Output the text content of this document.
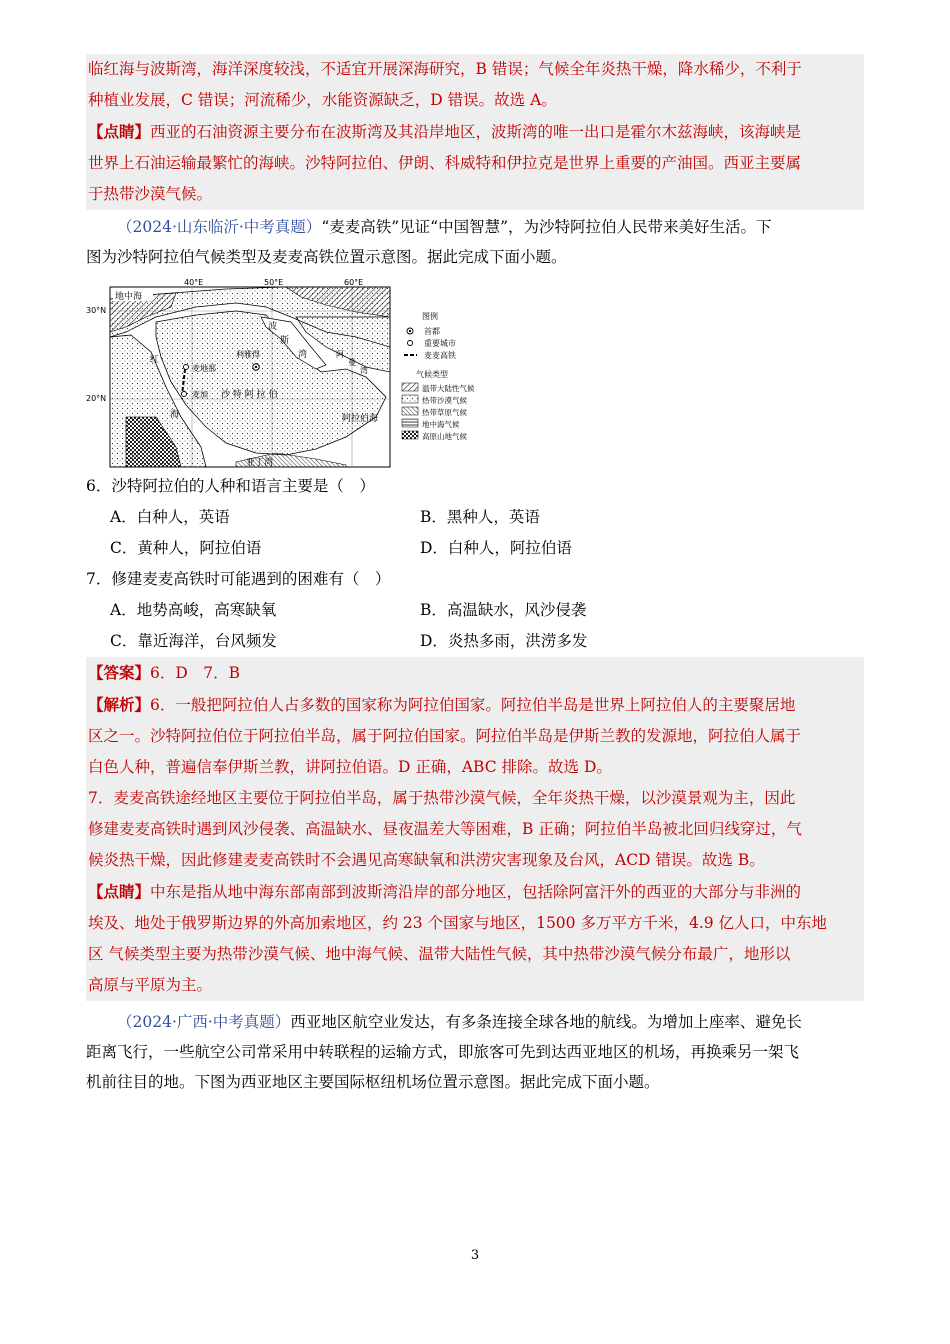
临红海与波斯湾，海洋深度较浅，不适宜开展深海研究，B 错误；气候全年炎热干燥，降水稀少，不利于

种植业发展，C 错误；河流稀少，水能资源缺乏，D 错误。故选 A。

【点睛】西亚的石油资源主要分布在波斯湾及其沿岸地区，波斯湾的唯一出口是霍尔木兹海峡，该海峡是

世界上石油运输最繁忙的海峡。沙特阿拉伯、伊朗、科威特和伊拉克是世界上重要的产油国。西亚主要属

于热带沙漠气候。

（2024·山东临沂·中考真题）“麦麦高铁”见证“中国智慧”，为沙特阿拉伯人民带来美好生活。下

图为沙特阿拉伯气候类型及麦麦高铁位置示意图。据此完成下面小题。

40°E	50°E	60°E
30°N
20°N
地中海
波
斯
湾
红
利雅得
麦地那
麦加 沙 特 阿 拉 伯
阿
曼
湾
海	阿拉伯海
亚丁湾
图例
首都
重要城市
麦麦高铁
气候类型
温带大陆性气候
热带沙漠气候
热带草原气候
地中海气候
高原山地气候

6．沙特阿拉伯的人种和语言主要是（　）

A．白种人，英语	B．黑种人，英语
C．黄种人，阿拉伯语	D．白种人，阿拉伯语

7．修建麦麦高铁时可能遇到的困难有（　）

A．地势高峻，高寒缺氧	B．高温缺水，风沙侵袭
C．靠近海洋，台风频发	D．炎热多雨，洪涝多发

【答案】6．D　7．B

【解析】6．一般把阿拉伯人占多数的国家称为阿拉伯国家。阿拉伯半岛是世界上阿拉伯人的主要聚居地

区之一。沙特阿拉伯位于阿拉伯半岛，属于阿拉伯国家。阿拉伯半岛是伊斯兰教的发源地，阿拉伯人属于

白色人种，普遍信奉伊斯兰教，讲阿拉伯语。D 正确，ABC 排除。故选 D。

7．麦麦高铁途经地区主要位于阿拉伯半岛，属于热带沙漠气候，全年炎热干燥，以沙漠景观为主，因此

修建麦麦高铁时遇到风沙侵袭、高温缺水、昼夜温差大等困难，B 正确；阿拉伯半岛被北回归线穿过，气

候炎热干燥，因此修建麦麦高铁时不会遇见高寒缺氧和洪涝灾害现象及台风，ACD 错误。故选 B。

【点睛】中东是指从地中海东部南部到波斯湾沿岸的部分地区，包括除阿富汗外的西亚的大部分与非洲的

埃及、地处于俄罗斯边界的外高加索地区，约 23 个国家与地区，1500 多万平方千米，4.9 亿人口，中东地

区 气候类型主要为热带沙漠气候、地中海气候、温带大陆性气候，其中热带沙漠气候分布最广，地形以

高原与平原为主。

（2024·广西·中考真题）西亚地区航空业发达，有多条连接全球各地的航线。为增加上座率、避免长

距离飞行，一些航空公司常采用中转联程的运输方式，即旅客可先到达西亚地区的机场，再换乘另一架飞

机前往目的地。下图为西亚地区主要国际枢纽机场位置示意图。据此完成下面小题。

3
